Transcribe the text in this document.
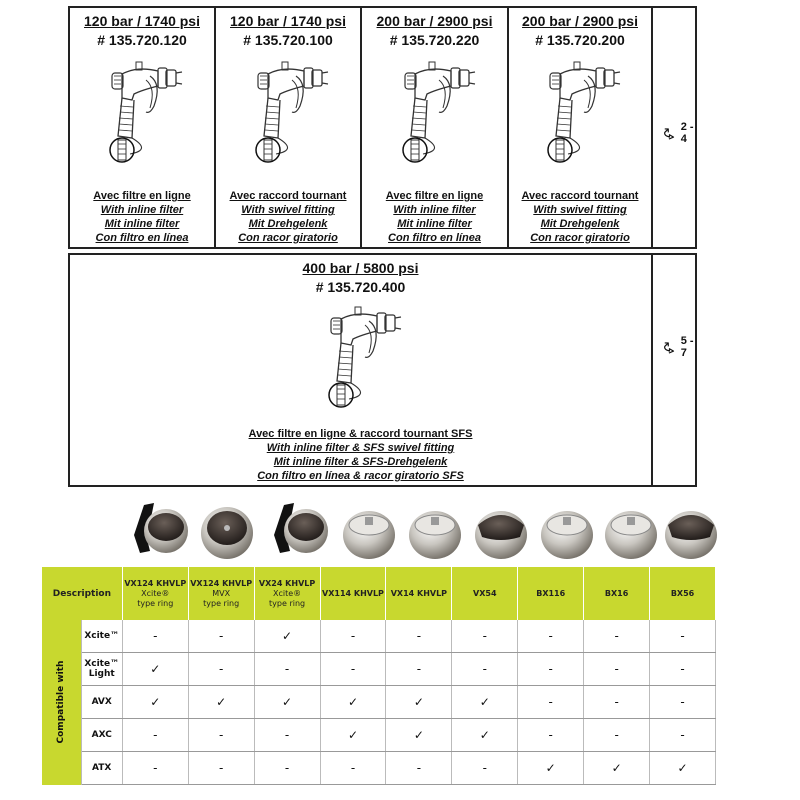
120 bar / 1740 psi
# 135.720.120
Avec filtre en ligne
With inline filter
Mit inline filter
Con filtro en línea
120 bar / 1740 psi
# 135.720.100
Avec raccord tournant
With swivel fitting
Mit Drehgelenk
Con racor giratorio
200 bar / 2900 psi
# 135.720.220
Avec filtre en ligne
With inline filter
Mit inline filter
Con filtro en línea
200 bar / 2900 psi
# 135.720.200
Avec raccord tournant
With swivel fitting
Mit Drehgelenk
Con racor giratorio
2 - 4
400 bar / 5800 psi
# 135.720.400
Avec filtre en ligne & raccord tournant SFS
With inline filter & SFS swivel fitting
Mit inline filter & SFS-Drehgelenk
Con filtro en línea & racor giratorio SFS
5 - 7
Description		VX124 KHVLP
Xcite®
type ring	VX124 KHVLP
MVX
type ring	VX24 KHVLP
Xcite®
type ring	VX114 KHVLP	VX14 KHVLP	VX54	BX116	BX16	BX56

Compatible with	Xcite™	-	-	✓	-	-	-	-	-	-
	Xcite™
Light	✓	-	-	-	-	-	-	-	-
	AVX	✓	✓	✓	✓	✓	✓	-	-	-
	AXC	-	-	-	✓	✓	✓	-	-	-
	ATX	-	-	-	-	-	-	✓	✓	✓
